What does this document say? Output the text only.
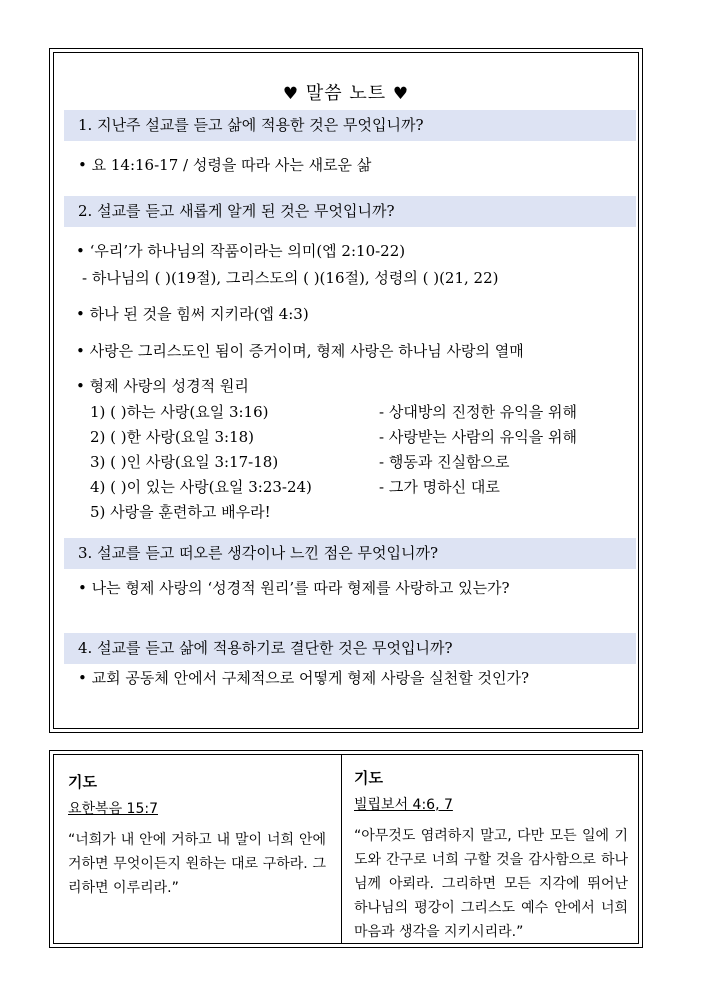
♥ 말씀 노트 ♥
1. 지난주 설교를 듣고 삶에 적용한 것은 무엇입니까?
• 요 14:16-17 / 성령을 따라 사는 새로운 삶
2. 설교를 듣고 새롭게 알게 된 것은 무엇입니까?
• ‘우리’가 하나님의 작품이라는 의미(엡 2:10-22)
- 하나님의 ( )(19절), 그리스도의 ( )(16절), 성령의 ( )(21, 22)
• 하나 된 것을 힘써 지키라(엡 4:3)
• 사랑은 그리스도인 됨이 증거이며, 형제 사랑은 하나님 사랑의 열매
• 형제 사랑의 성경적 원리
1) ( )하는 사랑(요일 3:16)	- 상대방의 진정한 유익을 위해
2) ( )한 사랑(요일 3:18)	- 사랑받는 사람의 유익을 위해
3) ( )인 사랑(요일 3:17-18)	- 행동과 진실함으로
4) ( )이 있는 사랑(요일 3:23-24)	- 그가 명하신 대로
5) 사랑을 훈련하고 배우라!
3. 설교를 듣고 떠오른 생각이나 느낀 점은 무엇입니까?
• 나는 형제 사랑의 ‘성경적 원리’를 따라 형제를 사랑하고 있는가?
4. 설교를 듣고 삶에 적용하기로 결단한 것은 무엇입니까?
• 교회 공동체 안에서 구체적으로 어떻게 형제 사랑을 실천할 것인가?
기도
요한복음 15:7
“너희가 내 안에 거하고 내 말이 너희 안에 거하면 무엇이든지 원하는 대로 구하라. 그리하면 이루리라.”
기도
빌립보서 4:6, 7
“아무것도 염려하지 말고, 다만 모든 일에 기도와 간구로 너희 구할 것을 감사함으로 하나님께 아뢰라. 그리하면 모든 지각에 뛰어난 하나님의 평강이 그리스도 예수 안에서 너희 마음과 생각을 지키시리라.”
